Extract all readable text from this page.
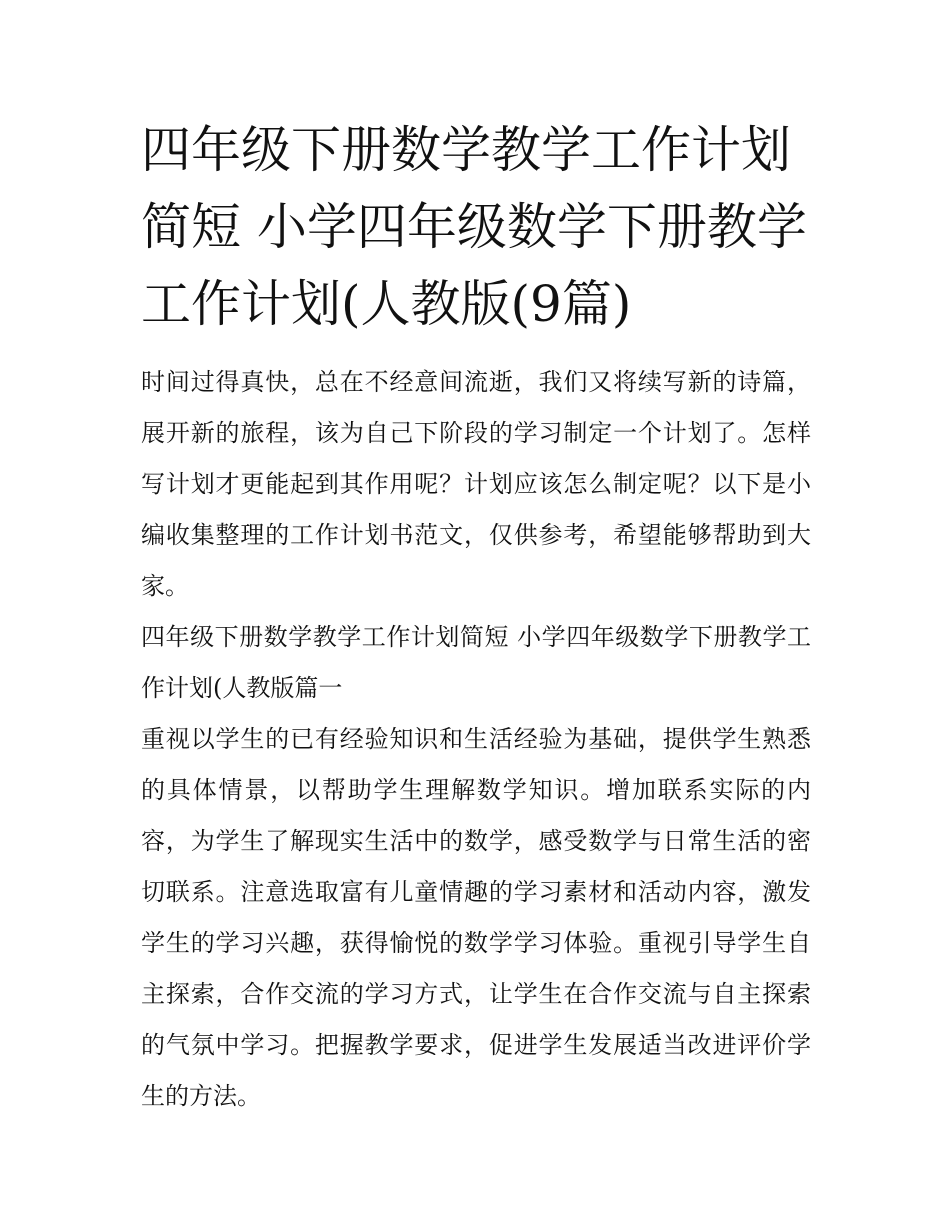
四年级下册数学教学工作计划简短 小学四年级数学下册教学工作计划(人教版(9篇)

时间过得真快，总在不经意间流逝，我们又将续写新的诗篇，展开新的旅程，该为自己下阶段的学习制定一个计划了。怎样写计划才更能起到其作用呢？计划应该怎么制定呢？以下是小编收集整理的工作计划书范文，仅供参考，希望能够帮助到大家。

四年级下册数学教学工作计划简短 小学四年级数学下册教学工作计划(人教版篇一

重视以学生的已有经验知识和生活经验为基础，提供学生熟悉的具体情景，以帮助学生理解数学知识。增加联系实际的内容，为学生了解现实生活中的数学，感受数学与日常生活的密切联系。注意选取富有儿童情趣的学习素材和活动内容，激发学生的学习兴趣，获得愉悦的数学学习体验。重视引导学生自主探索，合作交流的学习方式，让学生在合作交流与自主探索的气氛中学习。把握教学要求，促进学生发展适当改进评价学生的方法。
